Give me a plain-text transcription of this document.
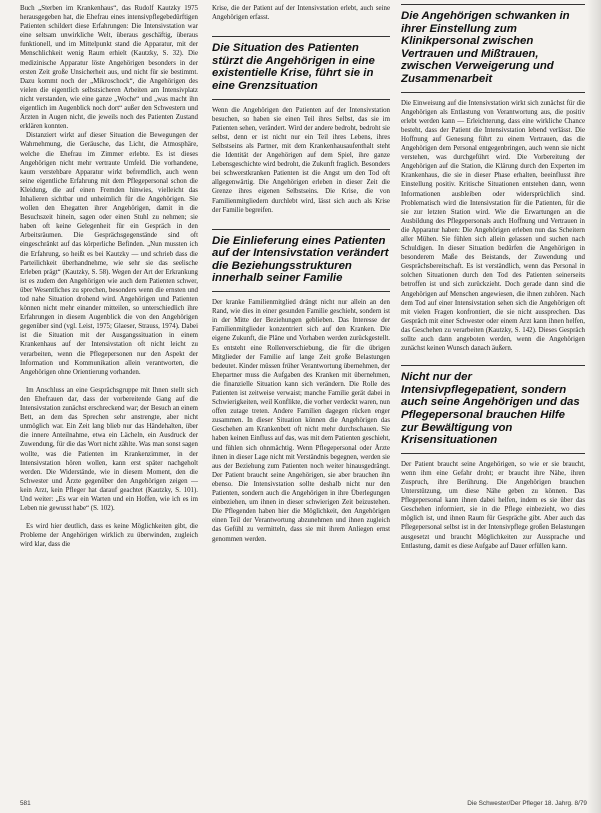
Buch „Sterben im Krankenhaus“, das Rudolf Kautzky 1975 herausgegeben hat, die Ehefrau eines intensivpflegebedürftigen Patienten schildert diese Erfahrungen: Die Intensivstation war eine seltsam unwirkliche Welt, überaus geschäftig, überaus funktionell, und im Mittelpunkt stand die Apparatur, mit der Menschlichkeit wenig Raum erhielt (Kautzky, S. 32). Die medizinische Apparatur löste Angehörigen besonders in der ersten Zeit große Unsicherheit aus, und nicht für sie bestimmt. Dazu kommt noch der „Mikroschock“, die Angehörigen des vielen die eigentlich selbstsicheren Arbeiten am Intensivplatz nicht verstanden, wie eine ganze „Woche“ und „was macht ihn eigentlich im Augenblick noch dort“ außer den Schwestern und Ärzten in Augen nicht, die jeweils noch des Patienten Zustand erklären konnten.

Distanziert wirkt auf dieser Situation die Bewegungen der Wahrnehmung, die Geräusche, das Licht, die Atmosphäre, welche die Ehefrau im Zimmer erlebte. Es ist dieses Angehörigen nicht mehr vertraute Umfeld. Die vorhandene, kaum verstehbare Apparatur wirkt befremdlich, auch wenn seine eigentliche Erfahrung mit dem Pflegepersonal schon die Kleidung, die auf einen Fremden hinwies, vielleicht das Inhalieren sichtbar und unheimlich für die Angehörigen. Sie wollen den Ehegatten ihrer Angehörigen, damit in die Besuchszeit hinein, sagen oder einen Stuhl zu nehmen; sie haben oft keine Gelegenheit für ein Gespräch in den Arbeitsräumen. Die Gesprächsgegenstände sind oft eingeschränkt auf das körperliche Befinden. „Nun mussten ich die Erfahrung, so heißt es bei Kautzky — und schrieb dass die Parteilichkeit überhandnehme, wie sehr sie das seelische Erleben prägt“ (Kautzky, S. 58). Wegen der Art der Erkrankung ist es zudem den Angehörigen wie auch dem Patienten schwer, über Wesentliches zu sprechen, besonders wenn die ernsten und tod nahe Situation drohend wird. Angehörigen und Patienten können nicht mehr einander mitteilen, so unterschiedlich ihre Erfahrungen in diesem Augenblick die von den Angehörigen gegenüber sind (vgl. Leist, 1975; Glaeser, Strauss, 1974). Dabei ist die Situation mit der Ausgangssituation in einem Krankenhaus auf der Intensivstation oft nicht leicht zu verarbeiten, wenn die Pflegepersonen nur den Aspekt der Information und Kommunikation allein verantworten, die Angehörigen ohne Orientierung vorhanden.

Im Anschluss an eine Gesprächsgruppe mit Ihnen stellt sich den Ehefrauen dar, dass der vorbereitende Gang auf die Intensivstation zunächst erschreckend war; der Besuch an einem Bett, an dem das Sprechen sehr anstrengte, aber nicht unmöglich war. Ein Zeit lang blieb nur das Händehalten, über die innere Anteilnahme, etwa ein Lächeln, ein Ausdruck der Zuwendung, für die das Wort nicht zählte. Was man sonst sagen wollte, was die Patienten im Krankenzimmer, in der Intensivstation hören wollen, kann erst später nachgeholt werden. Die Widerstände, wie in diesem Moment, den die Schwester und Ärzte gegenüber den Angehörigen zeigen — kein Arzt, kein Pfleger hat darauf geachtet (Kautzky, S. 101). Und weiter: „Es war ein Warten und ein Hoffen, wie ich es im Leben nie gewusst habe“ (S. 102).

Es wird hier deutlich, dass es keine Möglichkeiten gibt, die Probleme der Angehörigen wirklich zu überwinden, zugleich wird klar, dass die

Krise, die der Patient auf der Intensivstation erlebt, auch seine Angehörigen erfasst.

Die Situation des Patienten stürzt die Angehörigen in eine existentielle Krise, führt sie in eine Grenzsituation

Wenn die Angehörigen den Patienten auf der Intensivstation besuchen, so haben sie einen Teil ihres Selbst, das sie im Patienten sehen, verändert. Wird der andere bedroht, bedroht sie selbst, denn er ist nicht nur ein Teil ihres Lebens, ihres Selbstseins als Partner, mit dem Krankenhausaufenthalt steht die Identität der Angehörigen auf dem Spiel, ihre ganze Lebensgeschichte wird bedroht, die Zukunft fraglich. Besonders bei schwerstkranken Patienten ist die Angst um den Tod oft allgegenwärtig. Die Angehörigen erleben in dieser Zeit die Grenze ihres eigenen Selbstseins. Die Krise, die von Familienmitgliedern durchlebt wird, lässt sich auch als Krise der Familie begreifen.

Die Einlieferung eines Patienten auf der Intensivstation verändert die Beziehungsstrukturen innerhalb seiner Familie

Der kranke Familienmitglied drängt nicht nur allein an den Rand, wie dies in einer gesunden Familie geschieht, sondern ist in der Mitte der Beziehungen geblieben. Das Interesse der Familienmitglieder konzentriert sich auf den Kranken. Die eigene Zukunft, die Pläne und Vorhaben werden zurückgestellt. Es entsteht eine Rollenverschiebung, die für die übrigen Mitglieder der Familie auf lange Zeit große Belastungen bedeutet. Kinder müssen früher Verantwortung übernehmen, der Ehepartner muss die Aufgaben des Kranken mit übernehmen, die finanzielle Situation kann sich verändern. Die Rolle des Patienten ist zeitweise verwaist; manche Familie gerät dabei in Schwierigkeiten, weil Konflikte, die vorher verdeckt waren, nun offen zutage treten. Andere Familien dagegen rücken enger zusammen. In dieser Situation können die Angehörigen das Geschehen am Krankenbett oft nicht mehr durchschauen. Sie haben keinen Einfluss auf das, was mit dem Patienten geschieht, und fühlen sich ohnmächtig. Wenn Pflegepersonal oder Ärzte ihnen in dieser Lage nicht mit Verständnis begegnen, werden sie aus der Beziehung zum Patienten noch weiter hinausgedrängt. Der Patient braucht seine Angehörigen, sie aber brauchen ihn ebenso. Die Intensivstation sollte deshalb nicht nur den Patienten, sondern auch die Angehörigen in ihre Überlegungen einbeziehen, um ihnen in dieser schwierigen Zeit beizustehen. Die Pflegenden haben hier die Möglichkeit, den Angehörigen einen Teil der Verantwortung abzunehmen und ihnen zugleich das Gefühl zu vermitteln, dass sie mit ihrem Anliegen ernst genommen werden.

Die Angehörigen schwanken in ihrer Einstellung zum Klinikpersonal zwischen Vertrauen und Mißtrauen, zwischen Verweigerung und Zusammenarbeit

Die Einweisung auf die Intensivstation wirkt sich zunächst für die Angehörigen als Entlastung von Verantwortung aus, die positiv erlebt werden kann — Erleichterung, dass eine wirkliche Chance besteht, dass der Patient die Intensivstation lebend verlässt. Die Hoffnung auf Genesung führt zu einem Vertrauen, das die Angehörigen dem Personal entgegenbringen, auch wenn sie nicht verstehen, was durchgeführt wird. Die Vorbereitung der Angehörigen auf die Station, die Klärung durch den Experten im Krankenhaus, die sie in dieser Phase erhalten, beeinflusst ihre Einstellung positiv. Kritische Situationen entstehen dann, wenn Informationen ausbleiben oder widersprüchlich sind. Problematisch wird die Intensivstation für die Patienten, für die sie zur letzten Station wird. Wie die Erwartungen an die Ausbildung des Pflegepersonals auch Hoffnung und Vertrauen in die Apparatur haben: Die Angehörigen erleben nun das Scheitern aller Mühen. Sie fühlen sich allein gelassen und suchen nach Schuldigen. In dieser Situation bedürfen die Angehörigen in besonderem Maße des Beistands, der Zuwendung und Gesprächsbereitschaft. Es ist verständlich, wenn das Personal in solchen Situationen durch den Tod des Patienten seinerseits betroffen ist und sich zurückzieht. Doch gerade dann sind die Angehörigen auf Menschen angewiesen, die ihnen zuhören. Nach dem Tod auf einer Intensivstation sehen sich die Angehörigen oft mit vielen Fragen konfrontiert, die sie nicht aussprechen. Das Gespräch mit einer Schwester oder einem Arzt kann ihnen helfen, das Geschehen zu verarbeiten (Kautzky, S. 142). Dieses Gespräch sollte auch dann angeboten werden, wenn die Angehörigen zunächst keinen Wunsch danach äußern.

Nicht nur der Intensivpflegepatient, sondern auch seine Angehörigen und das Pflegepersonal brauchen Hilfe zur Bewältigung von Krisensituationen

Der Patient braucht seine Angehörigen, so wie er sie braucht, wenn ihm eine Gefahr droht; er braucht ihre Nähe, ihren Zuspruch, ihre Berührung. Die Angehörigen brauchen Unterstützung, um diese Nähe geben zu können. Das Pflegepersonal kann ihnen dabei helfen, indem es sie über das Geschehen informiert, sie in die Pflege einbezieht, wo dies möglich ist, und ihnen Raum für Gespräche gibt. Aber auch das Pflegepersonal selbst ist in der Intensivpflege großen Belastungen ausgesetzt und braucht Möglichkeiten zur Aussprache und Entlastung, damit es diese Aufgabe auf Dauer erfüllen kann.

581	Die Schwester/Der Pfleger 18. Jahrg. 8/79
